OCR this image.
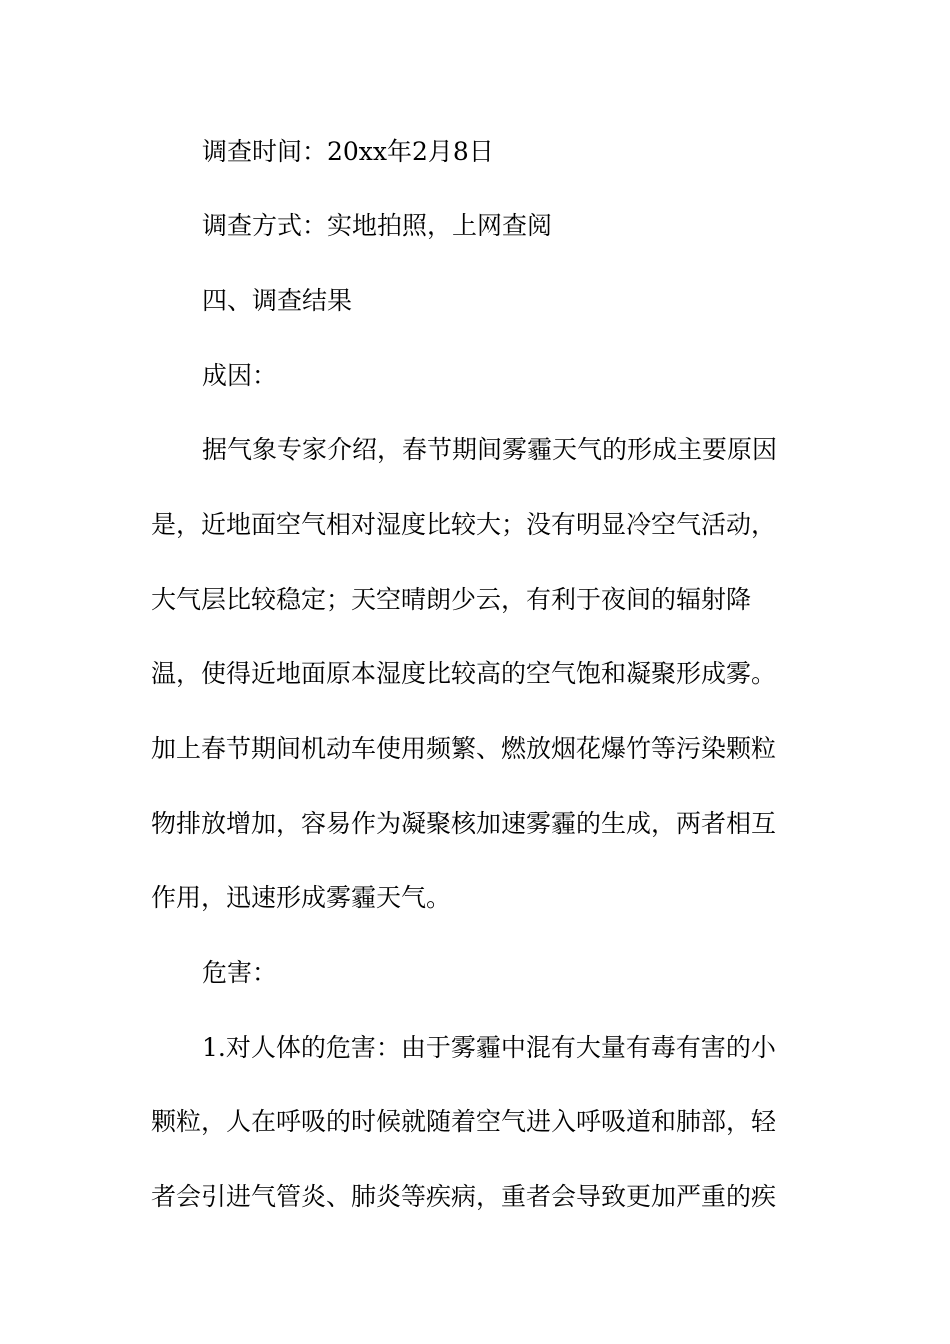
调查时间：20xx年2月8日

调查方式：实地拍照，上网查阅

四、调查结果

成因：

据气象专家介绍，春节期间雾霾天气的形成主要原因

是，近地面空气相对湿度比较大；没有明显冷空气活动，

大气层比较稳定；天空晴朗少云，有利于夜间的辐射降

温，使得近地面原本湿度比较高的空气饱和凝聚形成雾。

加上春节期间机动车使用频繁、燃放烟花爆竹等污染颗粒

物排放增加，容易作为凝聚核加速雾霾的生成，两者相互

作用，迅速形成雾霾天气。

危害：

1.对人体的危害：由于雾霾中混有大量有毒有害的小

颗粒，人在呼吸的时候就随着空气进入呼吸道和肺部，轻

者会引进气管炎、肺炎等疾病，重者会导致更加严重的疾
